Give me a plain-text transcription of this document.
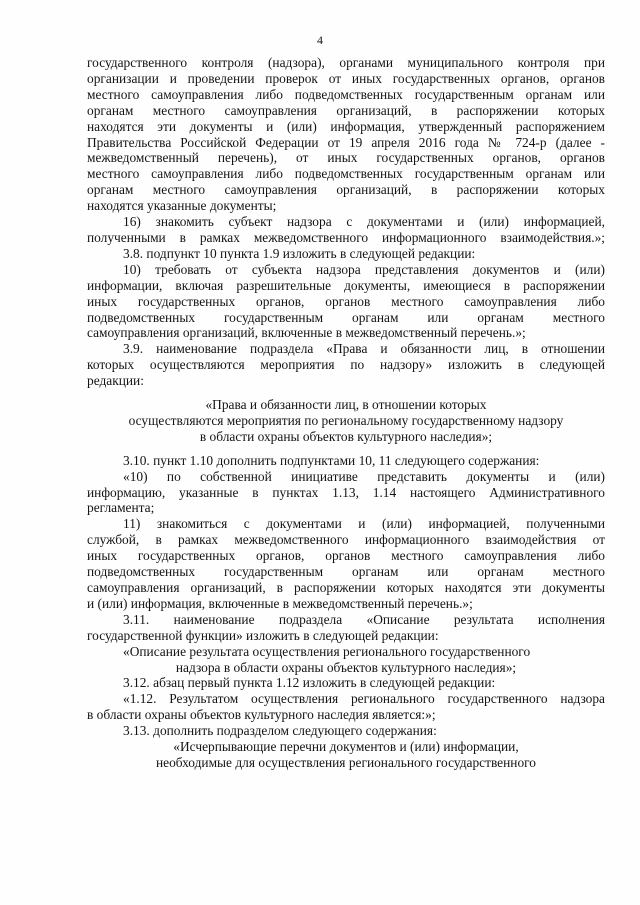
4

государственного контроля (надзора), органами муниципального контроля при

организации и проведении проверок от иных государственных органов, органов

местного самоуправления либо подведомственных государственным органам или

органам местного самоуправления организаций, в распоряжении которых

находятся эти документы и (или) информация, утвержденный распоряжением

Правительства Российской Федерации от 19 апреля 2016 года № 724-р (далее -

межведомственный перечень), от иных государственных органов, органов

местного самоуправления либо подведомственных государственным органам или

органам местного самоуправления организаций, в распоряжении которых

находятся указанные документы;

16) знакомить субъект надзора с документами и (или) информацией,

полученными в рамках межведомственного информационного взаимодействия.»;

3.8. подпункт 10 пункта 1.9 изложить в следующей редакции:

10) требовать от субъекта надзора представления документов и (или)

информации, включая разрешительные документы, имеющиеся в распоряжении

иных государственных органов, органов местного самоуправления либо

подведомственных государственным органам или органам местного

самоуправления организаций, включенные в межведомственный перечень.»;

3.9. наименование подраздела «Права и обязанности лиц, в отношении

которых осуществляются мероприятия по надзору» изложить в следующей

редакции:

«Права и обязанности лиц, в отношении которых

осуществляются мероприятия по региональному государственному надзору

в области охраны объектов культурного наследия»;

3.10. пункт 1.10 дополнить подпунктами 10, 11 следующего содержания:

«10) по собственной инициативе представить документы и (или)

информацию, указанные в пунктах 1.13, 1.14 настоящего Административного

регламента;

11) знакомиться с документами и (или) информацией, полученными

службой, в рамках межведомственного информационного взаимодействия от

иных государственных органов, органов местного самоуправления либо

подведомственных государственным органам или органам местного

самоуправления организаций, в распоряжении которых находятся эти документы

и (или) информация, включенные в межведомственный перечень.»;

3.11. наименование подраздела «Описание результата исполнения

государственной функции» изложить в следующей редакции:

«Описание результата осуществления регионального государственного

надзора в области охраны объектов культурного наследия»;

3.12. абзац первый пункта 1.12 изложить в следующей редакции:

«1.12. Результатом осуществления регионального государственного надзора

в области охраны объектов культурного наследия является:»;

3.13. дополнить подразделом следующего содержания:

«Исчерпывающие перечни документов и (или) информации,

необходимые для осуществления регионального государственного
